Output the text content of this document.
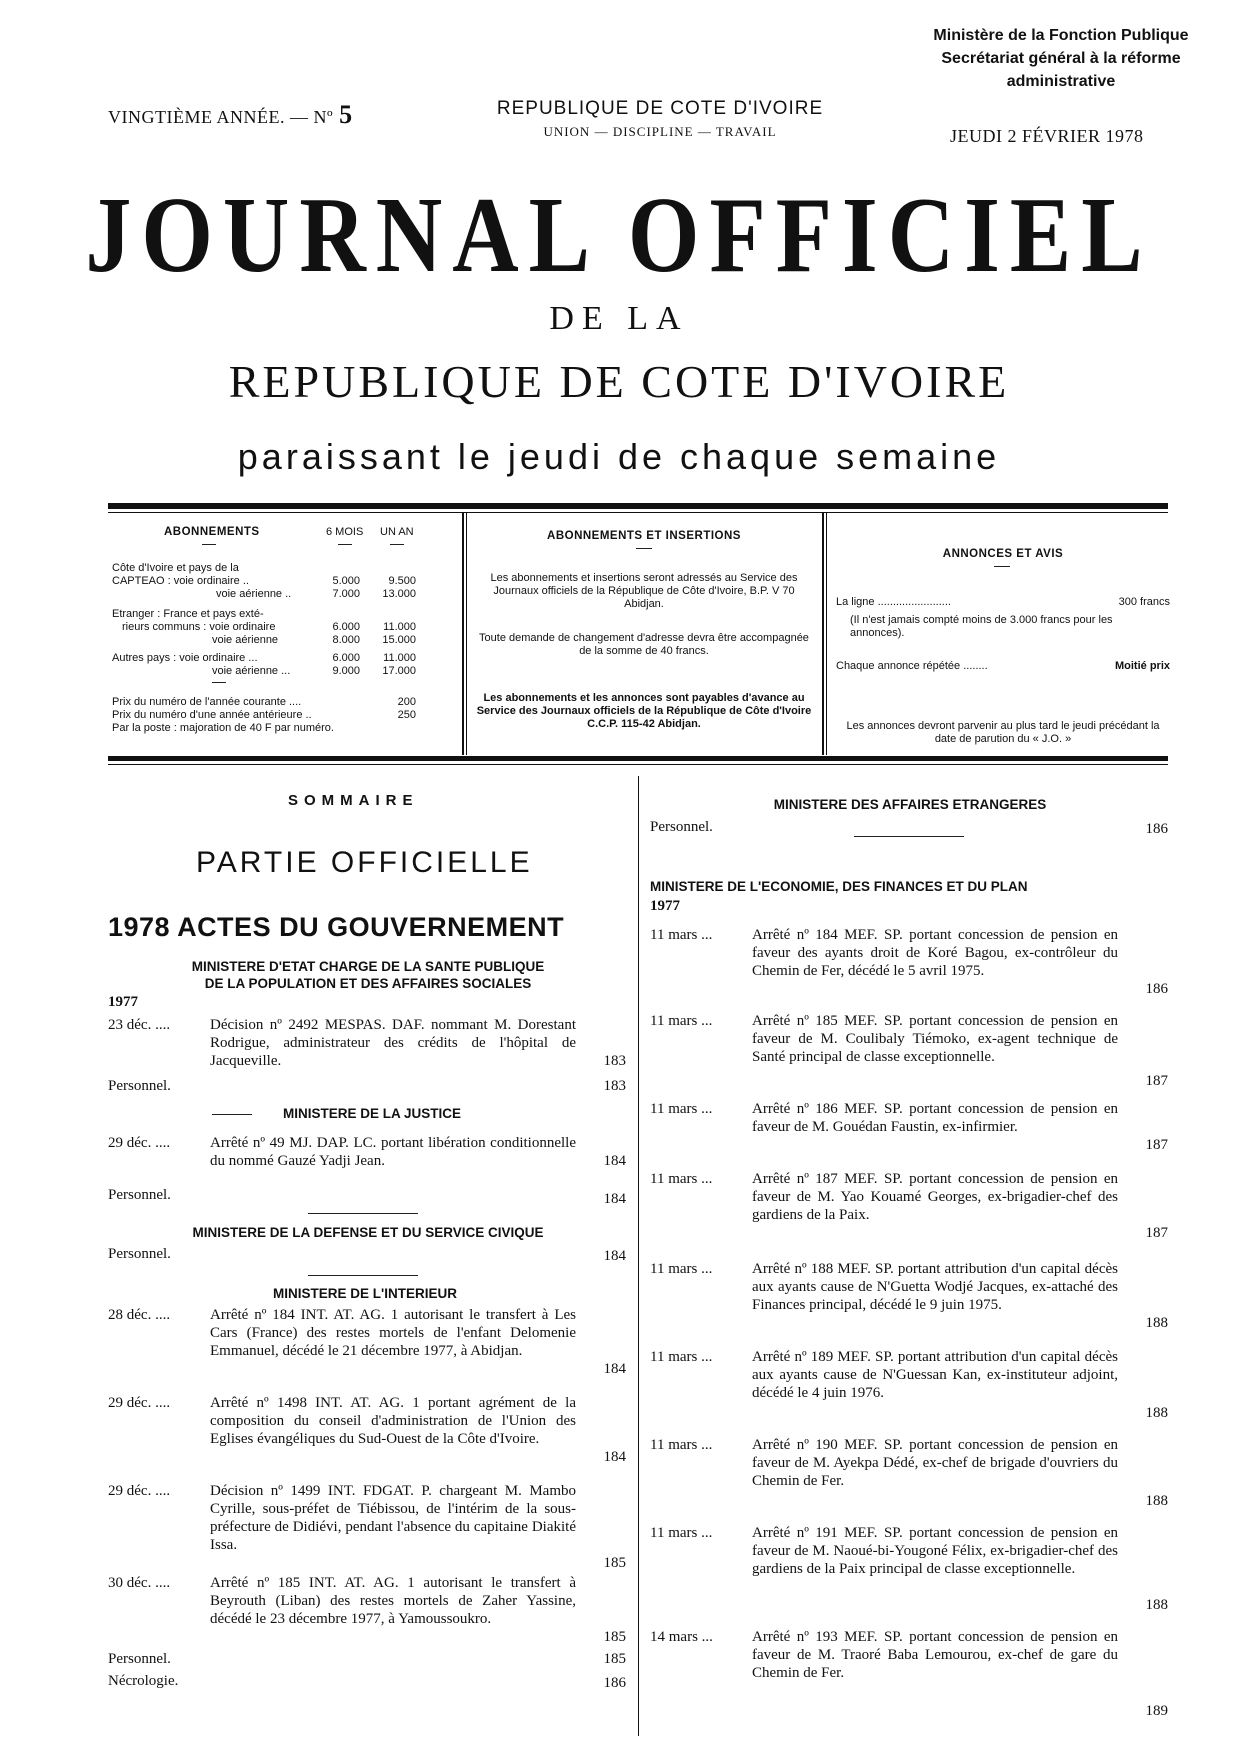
Ministère de la Fonction Publique
Secrétariat général à la réforme
administrative
VINGTIÈME ANNÉE. — Nº 5	REPUBLIQUE DE COTE D'IVOIRE
UNION — DISCIPLINE — TRAVAIL	JEUDI 2 FÉVRIER 1978
JOURNAL OFFICIEL
DE LA
REPUBLIQUE DE COTE D'IVOIRE
paraissant le jeudi de chaque semaine
ABONNEMENTS	6 MOIS UN AN
Côte d'Ivoire et pays de la
CAPTEAO : voie ordinaire ..	5.000	9.500
voie aérienne ..	7.000	13.000
Etranger : France et pays exté-
rieurs communs : voie ordinaire	6.000	11.000
voie aérienne	8.000	15.000
Autres pays : voie ordinaire ...	6.000	11.000
voie aérienne ...	9.000	17.000
Prix du numéro de l'année courante ....	200
Prix du numéro d'une année antérieure ..	250
Par la poste : majoration de 40 F par numéro.
ABONNEMENTS ET INSERTIONS
Les abonnements et insertions seront adressés au Service des Journaux officiels de la République de Côte d'Ivoire, B.P. V 70 Abidjan.
Toute demande de changement d'adresse devra être accompagnée de la somme de 40 francs.
Les abonnements et les annonces sont payables d'avance au Service des Journaux officiels de la République de Côte d'Ivoire C.C.P. 115-42 Abidjan.
ANNONCES ET AVIS
La ligne ........................	300 francs
(Il n'est jamais compté moins de 3.000 francs pour les annonces).
Chaque annonce répétée ........	Moitié prix
Les annonces devront parvenir au plus tard le jeudi précédant la date de parution du « J.O. »
SOMMAIRE
PARTIE OFFICIELLE
1978 ACTES DU GOUVERNEMENT
MINISTERE D'ETAT CHARGE DE LA SANTE PUBLIQUE
DE LA POPULATION ET DES AFFAIRES SOCIALES
1977
23 déc. ....	Décision nº 2492 MESPAS. DAF. nommant M. Dorestant Rodrigue, administrateur des crédits de l'hôpital de Jacqueville.	183
Personnel.	183
MINISTERE DE LA JUSTICE
29 déc. ....	Arrêté nº 49 MJ. DAP. LC. portant libération conditionnelle du nommé Gauzé Yadji Jean.	184
Personnel.	184
MINISTERE DE LA DEFENSE ET DU SERVICE CIVIQUE
Personnel.	184
MINISTERE DE L'INTERIEUR
28 déc. ....	Arrêté nº 184 INT. AT. AG. 1 autorisant le transfert à Les Cars (France) des restes mortels de l'enfant Delomenie Emmanuel, décédé le 21 décembre 1977, à Abidjan.
184
29 déc. ....	Arrêté nº 1498 INT. AT. AG. 1 portant agrément de la composition du conseil d'administration de l'Union des Eglises évangéliques du Sud-Ouest de la Côte d'Ivoire.
184
29 déc. ....	Décision nº 1499 INT. FDGAT. P. chargeant M. Mambo Cyrille, sous-préfet de Tiébissou, de l'intérim de la sous-préfecture de Didiévi, pendant l'absence du capitaine Diakité Issa.
185
30 déc. ....	Arrêté nº 185 INT. AT. AG. 1 autorisant le transfert à Beyrouth (Liban) des restes mortels de Zaher Yassine, décédé le 23 décembre 1977, à Yamoussoukro.
185
Personnel.	185
Nécrologie.	186
MINISTERE DES AFFAIRES ETRANGERES
Personnel.	186
MINISTERE DE L'ECONOMIE, DES FINANCES ET DU PLAN
1977
11 mars ...	Arrêté nº 184 MEF. SP. portant concession de pension en faveur des ayants droit de Koré Bagou, ex-contrôleur du Chemin de Fer, décédé le 5 avril 1975.
186
11 mars ...	Arrêté nº 185 MEF. SP. portant concession de pension en faveur de M. Coulibaly Tiémoko, ex-agent technique de Santé principal de classe exceptionnelle.
187
11 mars ...	Arrêté nº 186 MEF. SP. portant concession de pension en faveur de M. Gouédan Faustin, ex-infirmier.
187
11 mars ...	Arrêté nº 187 MEF. SP. portant concession de pension en faveur de M. Yao Kouamé Georges, ex-brigadier-chef des gardiens de la Paix.
187
11 mars ...	Arrêté nº 188 MEF. SP. portant attribution d'un capital décès aux ayants cause de N'Guetta Wodjé Jacques, ex-attaché des Finances principal, décédé le 9 juin 1975.
188
11 mars ...	Arrêté nº 189 MEF. SP. portant attribution d'un capital décès aux ayants cause de N'Guessan Kan, ex-instituteur adjoint, décédé le 4 juin 1976.
188
11 mars ...	Arrêté nº 190 MEF. SP. portant concession de pension en faveur de M. Ayekpa Dédé, ex-chef de brigade d'ouvriers du Chemin de Fer.
188
11 mars ...	Arrêté nº 191 MEF. SP. portant concession de pension en faveur de M. Naoué-bi-Yougoné Félix, ex-brigadier-chef des gardiens de la Paix principal de classe exceptionnelle.
188
14 mars ...	Arrêté nº 193 MEF. SP. portant concession de pension en faveur de M. Traoré Baba Lemourou, ex-chef de gare du Chemin de Fer.
189
